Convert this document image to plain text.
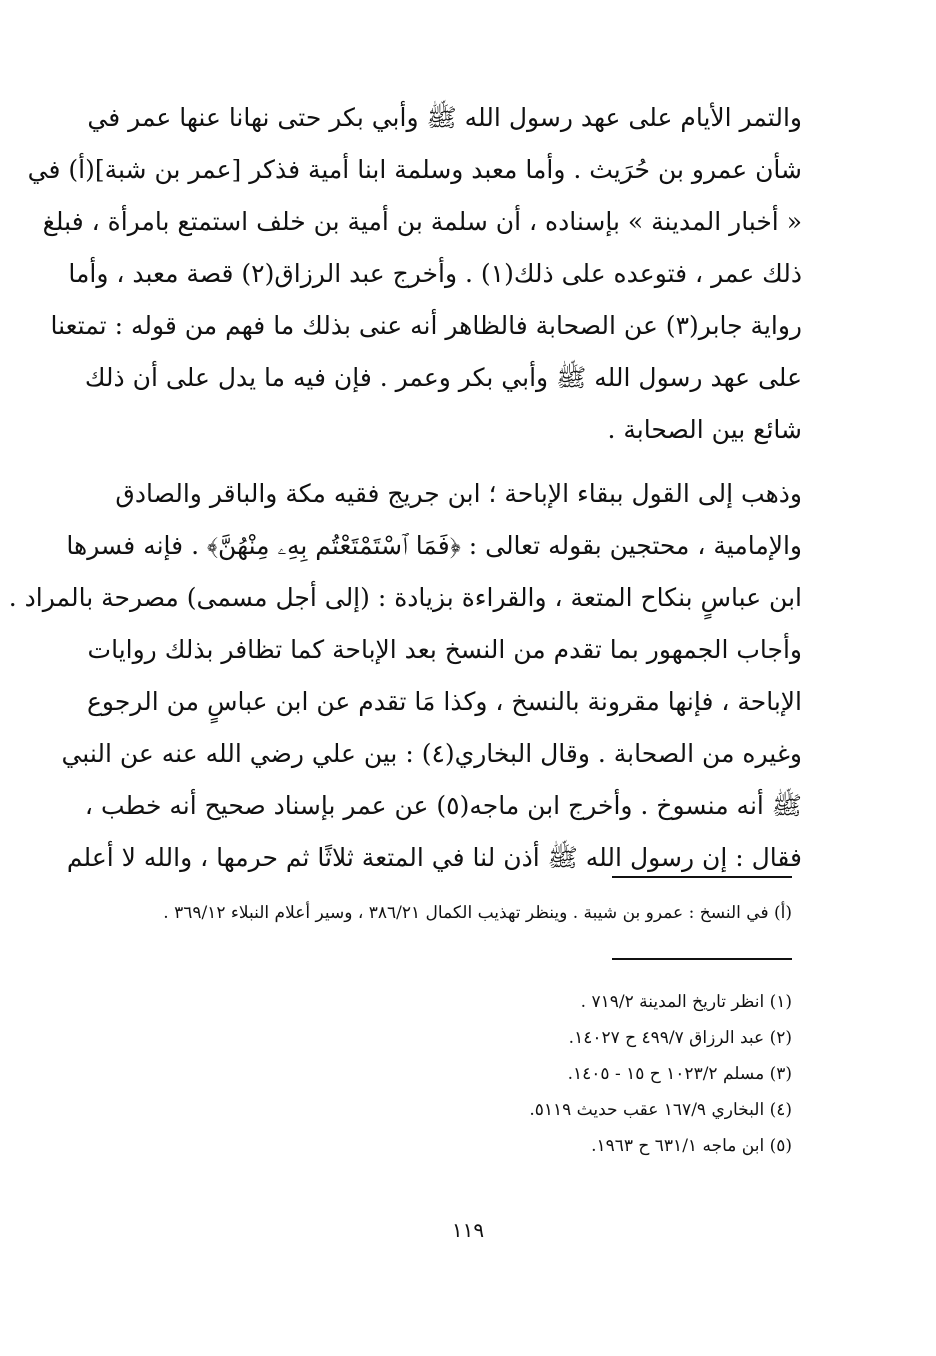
والتمر الأيام على عهد رسول الله ﷺ وأبي بكر حتى نهانا عنها عمر في
شأن عمرو بن حُرَيث . وأما معبد وسلمة ابنا أمية فذكر [عمر بن شبة](أ) في
« أخبار المدينة » بإسناده ، أن سلمة بن أمية بن خلف استمتع بامرأة ، فبلغ
ذلك عمر ، فتوعده على ذلك(١) . وأخرج عبد الرزاق(٢) قصة معبد ، وأما
رواية جابر(٣) عن الصحابة فالظاهر أنه عنى بذلك ما فهم من قوله : تمتعنا
على عهد رسول الله ﷺ وأبي بكر وعمر . فإن فيه ما يدل على أن ذلك
شائع بين الصحابة .
وذهب إلى القول ببقاء الإباحة ؛ ابن جريج فقيه مكة والباقر والصادق
والإمامية ، محتجين بقوله تعالى : ﴿فَمَا ٱسْتَمْتَعْتُم بِهِۦ مِنْهُنَّ﴾ . فإنه فسرها
ابن عباسٍ بنكاح المتعة ، والقراءة بزيادة : (إلى أجل مسمى) مصرحة بالمراد .
وأجاب الجمهور بما تقدم من النسخ بعد الإباحة كما تظافر بذلك روايات
الإباحة ، فإنها مقرونة بالنسخ ، وكذا مَا تقدم عن ابن عباسٍ من الرجوع
وغيره من الصحابة . وقال البخاري(٤) : بين علي رضي الله عنه عن النبي
ﷺ أنه منسوخ . وأخرج ابن ماجه(٥) عن عمر بإسناد صحيح أنه خطب ،
فقال : إن رسول الله ﷺ أذن لنا في المتعة ثلاثًا ثم حرمها ، والله لا أعلم
(أ) في النسخ : عمرو بن شيبة . وينظر تهذيب الكمال ٣٨٦/٢١ ، وسير أعلام النبلاء ٣٦٩/١٢ .
(١) انظر تاريخ المدينة ٧١٩/٢ .
(٢) عبد الرزاق ٤٩٩/٧ ح ١٤٠٢٧.
(٣) مسلم ١٠٢٣/٢ ح ١٥ - ١٤٠٥.
(٤) البخاري ١٦٧/٩ عقب حديث ٥١١٩.
(٥) ابن ماجه ٦٣١/١ ح ١٩٦٣.
١١٩
